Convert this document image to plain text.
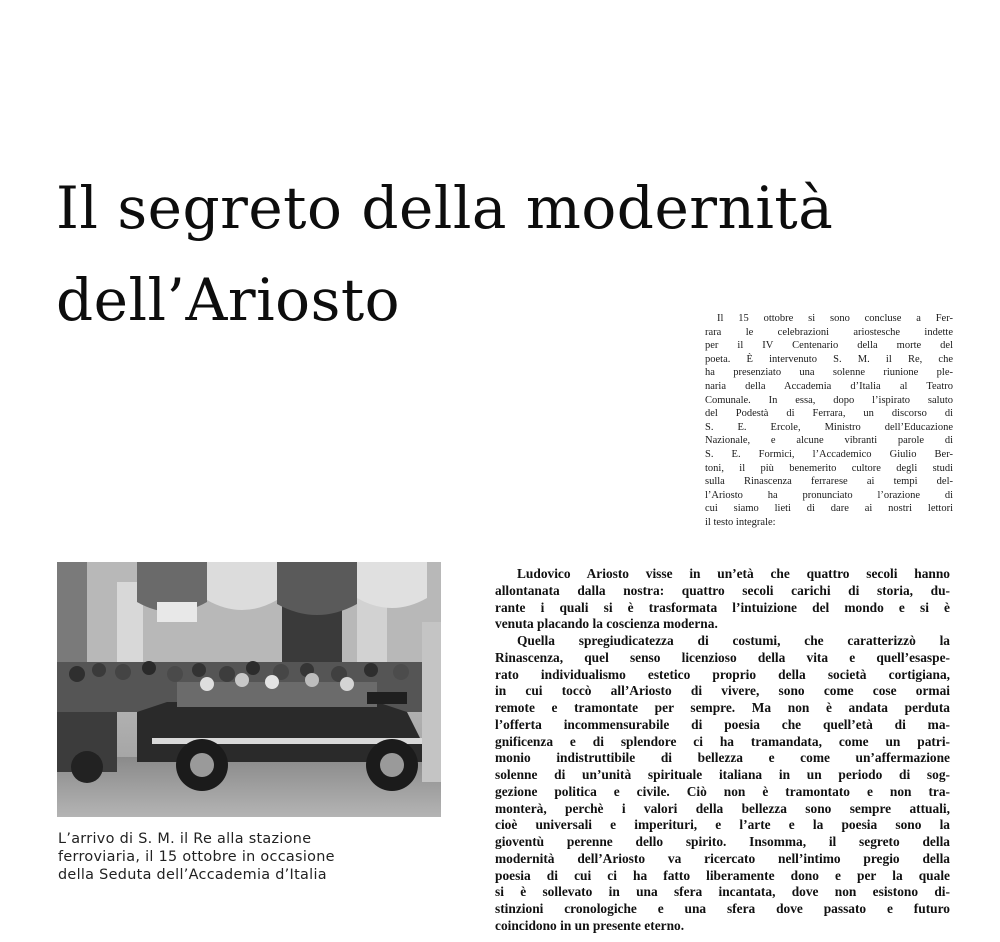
Il segreto della modernità
dell’Ariosto	Il 15 ottobre si sono concluse a Fer-
rara le celebrazioni ariostesche indette
per il IV Centenario della morte del
poeta. È intervenuto S. M. il Re, che
ha presenziato una solenne riunione ple-
naria della Accademia d’Italia al Teatro
Comunale. In essa, dopo l’ispirato saluto
del Podestà di Ferrara, un discorso di
S. E. Ercole, Ministro dell’Educazione
Nazionale, e alcune vibranti parole di
S. E. Formici, l’Accademico Giulio Ber-
toni, il più benemerito cultore degli studi
sulla Rinascenza ferrarese ai tempi del-
l’Ariosto ha pronunciato l’orazione di
cui siamo lieti di dare ai nostri lettori
il testo integrale:
L’arrivo di S. M. il Re alla stazione
ferroviaria, il 15 ottobre in occasione
della Seduta dell’Accademia d’Italia
Ludovico Ariosto visse in un’età che quattro secoli hanno
allontanata dalla nostra: quattro secoli carichi di storia, du-
rante i quali si è trasformata l’intuizione del mondo e si è
venuta placando la coscienza moderna.
Quella spregiudicatezza di costumi, che caratterizzò la
Rinascenza, quel senso licenzioso della vita e quell’esaspe-
rato individualismo estetico proprio della società cortigiana,
in cui toccò all’Ariosto di vivere, sono come cose ormai
remote e tramontate per sempre. Ma non è andata perduta
l’offerta incommensurabile di poesia che quell’età di ma-
gnificenza e di splendore ci ha tramandata, come un patri-
monio indistruttibile di bellezza e come un’affermazione
solenne di un’unità spirituale italiana in un periodo di sog-
gezione politica e civile. Ciò non è tramontato e non tra-
monterà, perchè i valori della bellezza sono sempre attuali,
cioè universali e imperituri, e l’arte e la poesia sono la
gioventù perenne dello spirito. Insomma, il segreto della
modernità dell’Ariosto va ricercato nell’intimo pregio della
poesia di cui ci ha fatto liberamente dono e per la quale
si è sollevato in una sfera incantata, dove non esistono di-
stinzioni cronologiche e una sfera dove passato e futuro
coincidono in un presente eterno.
